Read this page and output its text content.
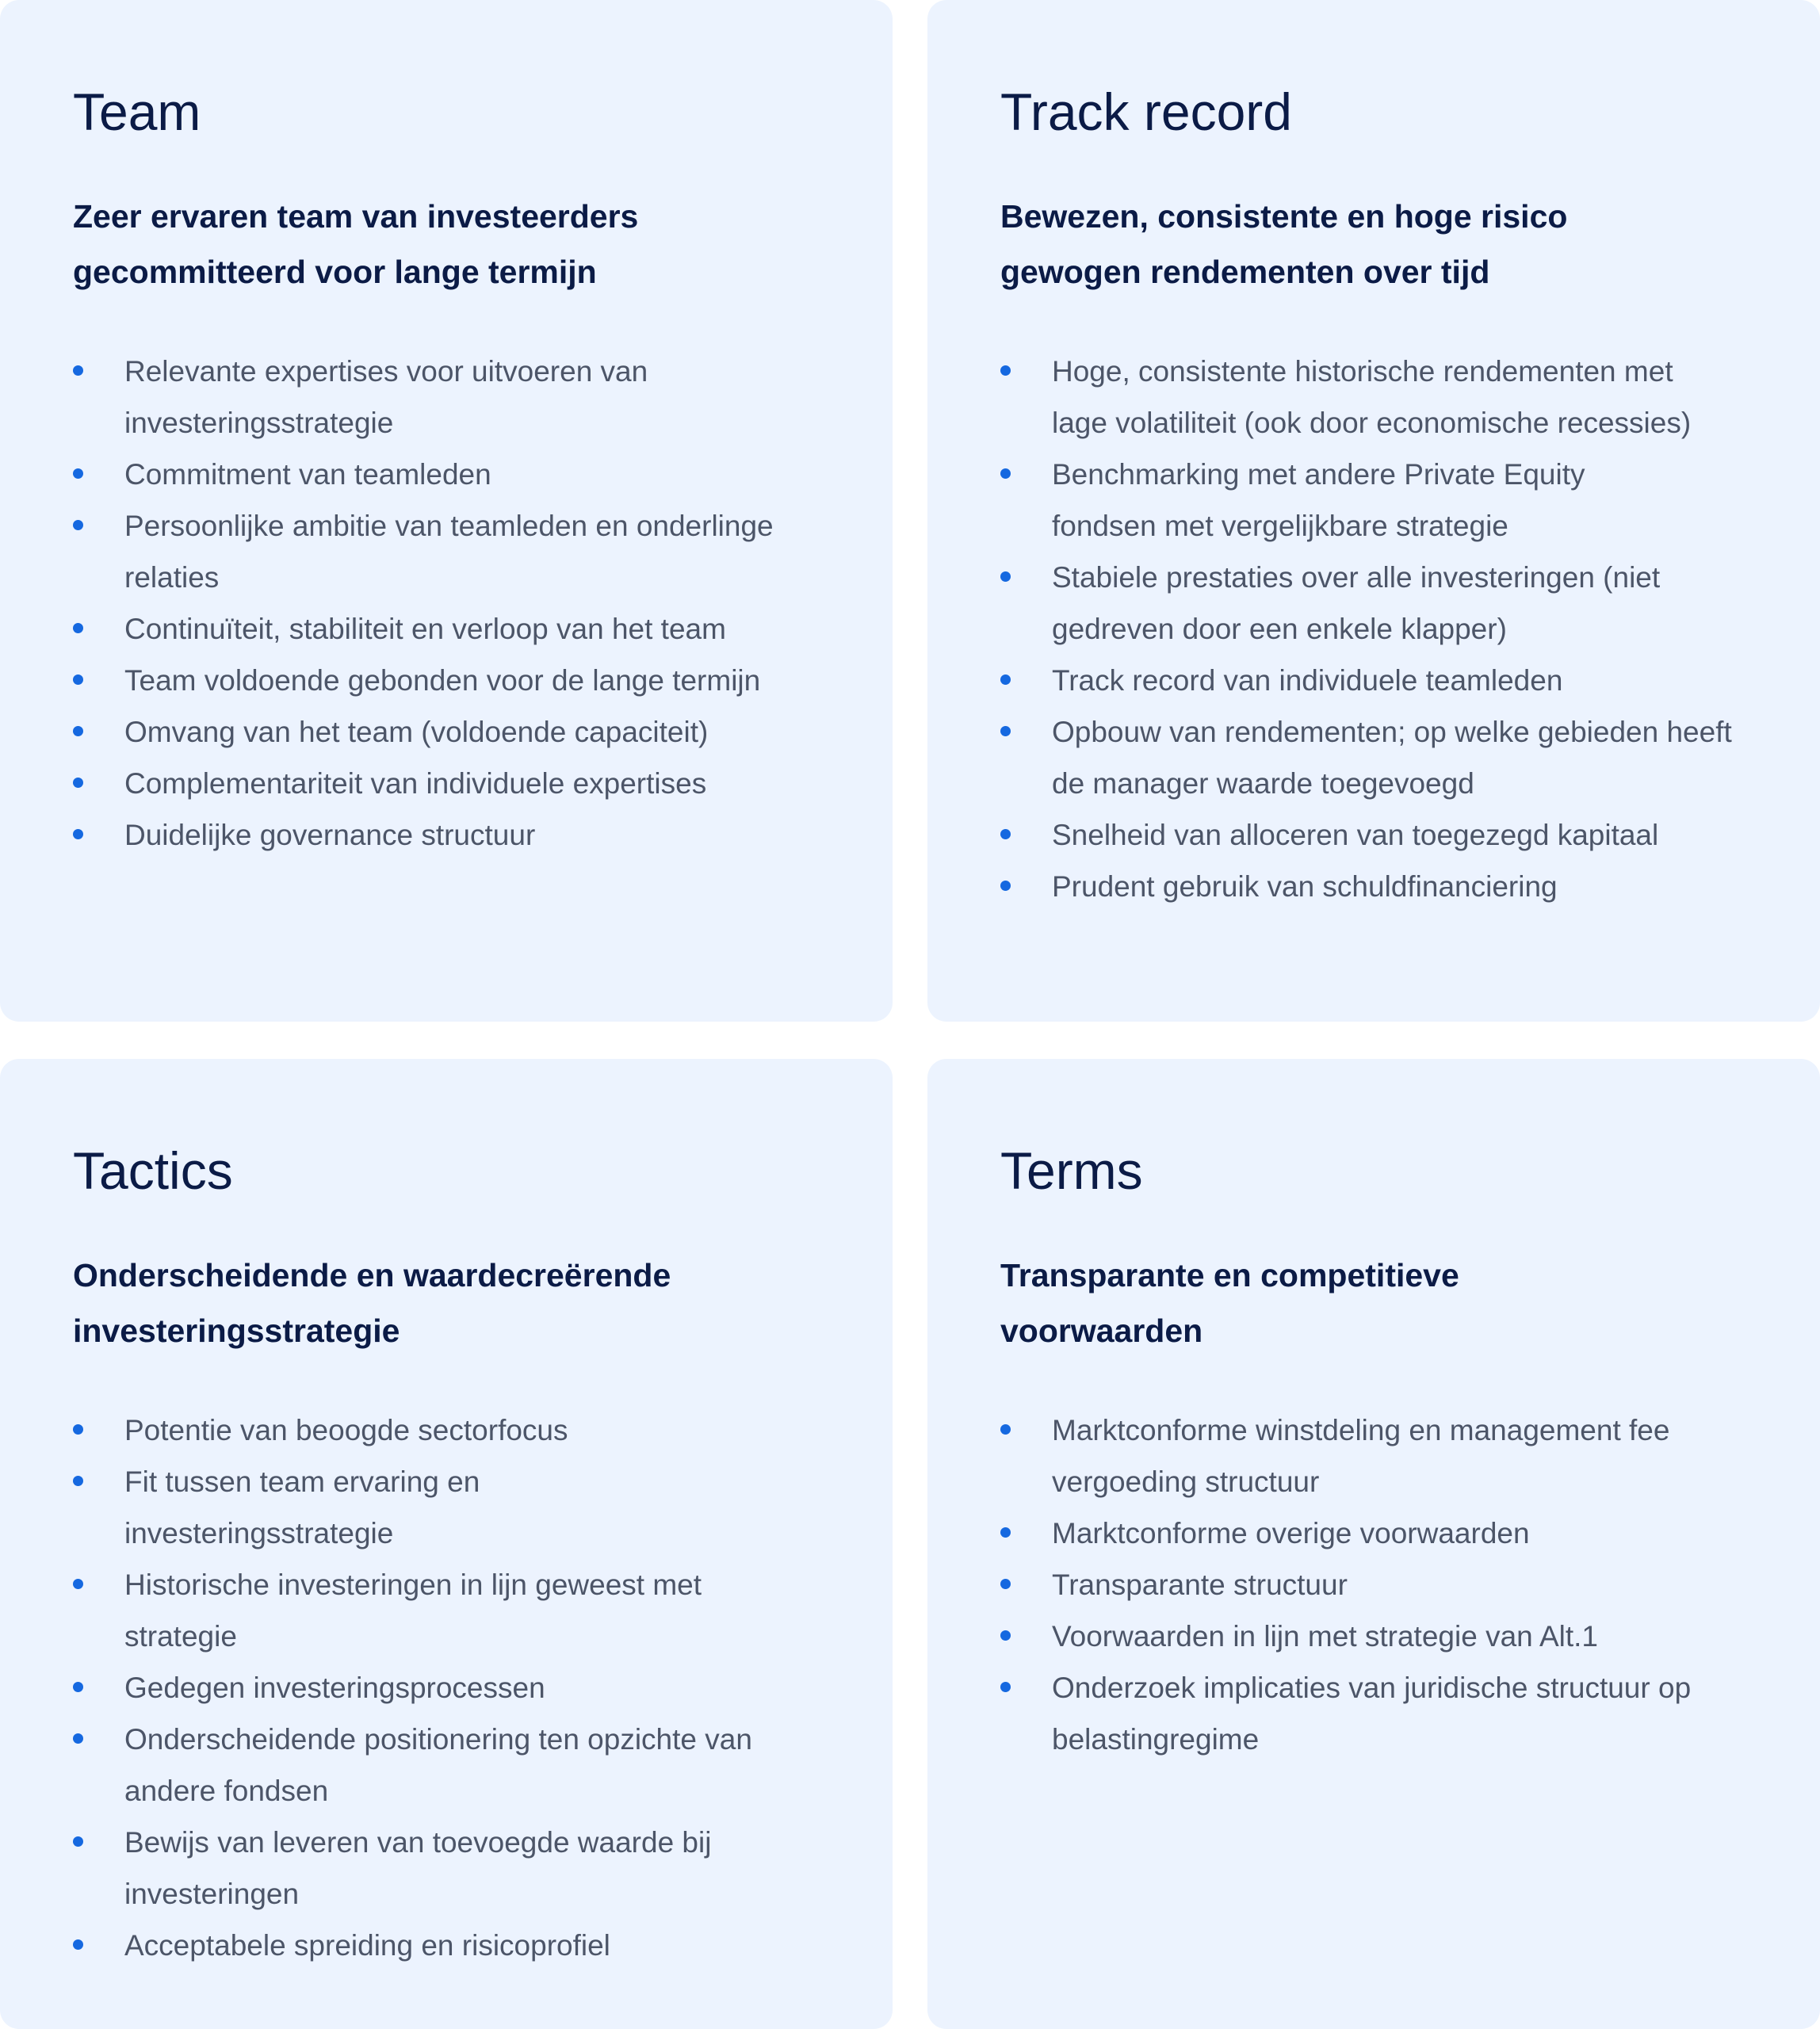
Team

Zeer ervaren team van investeerders gecommitteerd voor lange termijn

Relevante expertises voor uitvoeren van investeringsstrategie
Commitment van teamleden
Persoonlijke ambitie van teamleden en onderlinge relaties
Continuïteit, stabiliteit en verloop van het team
Team voldoende gebonden voor de lange termijn
Omvang van het team (voldoende capaciteit)
Complementariteit van individuele expertises
Duidelijke governance structuur
Track record

Bewezen, consistente en hoge risico gewogen rendementen over tijd

Hoge, consistente historische rendementen met lage volatiliteit (ook door economische recessies)
Benchmarking met andere Private Equity fondsen met vergelijkbare strategie
Stabiele prestaties over alle investeringen (niet gedreven door een enkele klapper)
Track record van individuele teamleden
Opbouw van rendementen; op welke gebieden heeft de manager waarde toegevoegd
Snelheid van alloceren van toegezegd kapitaal
Prudent gebruik van schuldfinanciering
Tactics

Onderscheidende en waardecreërende investeringsstrategie

Potentie van beoogde sectorfocus
Fit tussen team ervaring en investeringsstrategie
Historische investeringen in lijn geweest met strategie
Gedegen investeringsprocessen
Onderscheidende positionering ten opzichte van andere fondsen
Bewijs van leveren van toevoegde waarde bij investeringen
Acceptabele spreiding en risicoprofiel
Terms

Transparante en competitieve voorwaarden

Marktconforme winstdeling en management fee vergoeding structuur
Marktconforme overige voorwaarden
Transparante structuur
Voorwaarden in lijn met strategie van Alt.1
Onderzoek implicaties van juridische structuur op belastingregime
